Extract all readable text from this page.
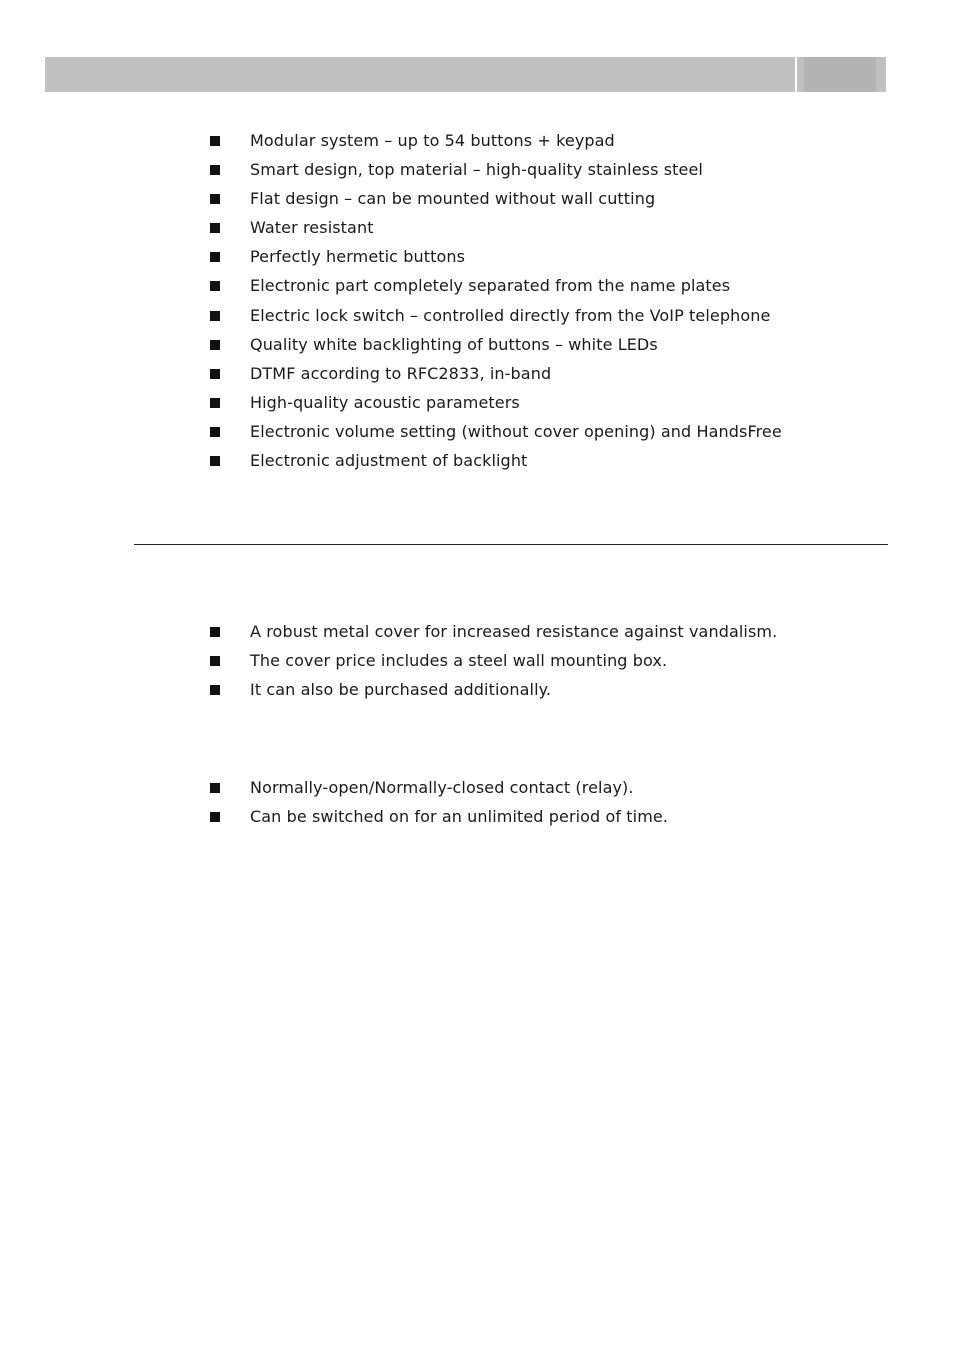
Modular system – up to 54 buttons + keypad
Smart design, top material – high-quality stainless steel
Flat design – can be mounted without wall cutting
Water resistant
Perfectly hermetic buttons
Electronic part completely separated from the name plates
Electric lock switch – controlled directly from the VoIP telephone
Quality white backlighting of buttons – white LEDs
DTMF according to RFC2833, in-band
High-quality acoustic parameters
Electronic volume setting (without cover opening) and HandsFree
Electronic adjustment of backlight
A robust metal cover for increased resistance against vandalism.
The cover price includes a steel wall mounting box.
It can also be purchased additionally.
Normally-open/Normally-closed contact (relay).
Can be switched on for an unlimited period of time.
